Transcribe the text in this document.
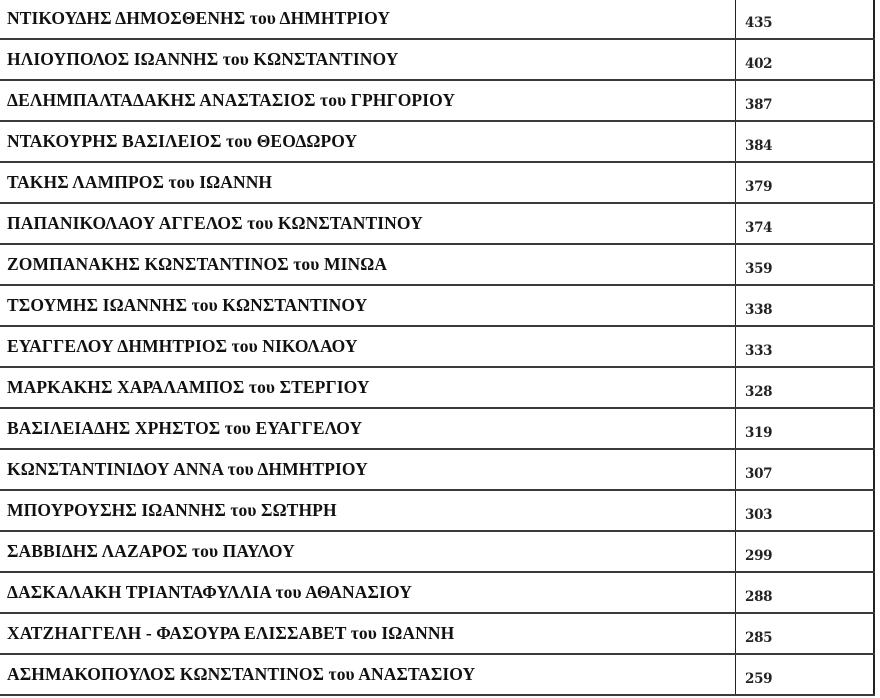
ΝΤΙΚΟΥΔΗΣ ΔΗΜΟΣΘΕΝΗΣ του ΔΗΜΗΤΡΙΟΥ	435

ΗΛΙΟΥΠΟΛΟΣ ΙΩΑΝΝΗΣ του ΚΩΝΣΤΑΝΤΙΝΟΥ	402

ΔΕΛΗΜΠΑΛΤΑΔΑΚΗΣ ΑΝΑΣΤΑΣΙΟΣ του ΓΡΗΓΟΡΙΟΥ	387

ΝΤΑΚΟΥΡΗΣ ΒΑΣΙΛΕΙΟΣ του ΘΕΟΔΩΡΟΥ	384

ΤΑΚΗΣ ΛΑΜΠΡΟΣ του ΙΩΑΝΝΗ	379

ΠΑΠΑΝΙΚΟΛΑΟΥ ΑΓΓΕΛΟΣ του ΚΩΝΣΤΑΝΤΙΝΟΥ	374

ΖΟΜΠΑΝΑΚΗΣ ΚΩΝΣΤΑΝΤΙΝΟΣ του ΜΙΝΩΑ	359

ΤΣΟΥΜΗΣ ΙΩΑΝΝΗΣ του ΚΩΝΣΤΑΝΤΙΝΟΥ	338

ΕΥΑΓΓΕΛΟΥ ΔΗΜΗΤΡΙΟΣ του ΝΙΚΟΛΑΟΥ	333

ΜΑΡΚΑΚΗΣ ΧΑΡΑΛΑΜΠΟΣ του ΣΤΕΡΓΙΟΥ	328

ΒΑΣΙΛΕΙΑΔΗΣ ΧΡΗΣΤΟΣ του ΕΥΑΓΓΕΛΟΥ	319

ΚΩΝΣΤΑΝΤΙΝΙΔΟΥ ΑΝΝΑ του ΔΗΜΗΤΡΙΟΥ	307

ΜΠΟΥΡΟΥΣΗΣ ΙΩΑΝΝΗΣ του ΣΩΤΗΡΗ	303

ΣΑΒΒΙΔΗΣ ΛΑΖΑΡΟΣ του ΠΑΥΛΟΥ	299

ΔΑΣΚΑΛΑΚΗ ΤΡΙΑΝΤΑΦΥΛΛΙΑ του ΑΘΑΝΑΣΙΟΥ	288

ΧΑΤΖΗΑΓΓΕΛΗ - ΦΑΣΟΥΡΑ ΕΛΙΣΣΑΒΕΤ του ΙΩΑΝΝΗ	285

ΑΣΗΜΑΚΟΠΟΥΛΟΣ ΚΩΝΣΤΑΝΤΙΝΟΣ του ΑΝΑΣΤΑΣΙΟΥ	259
